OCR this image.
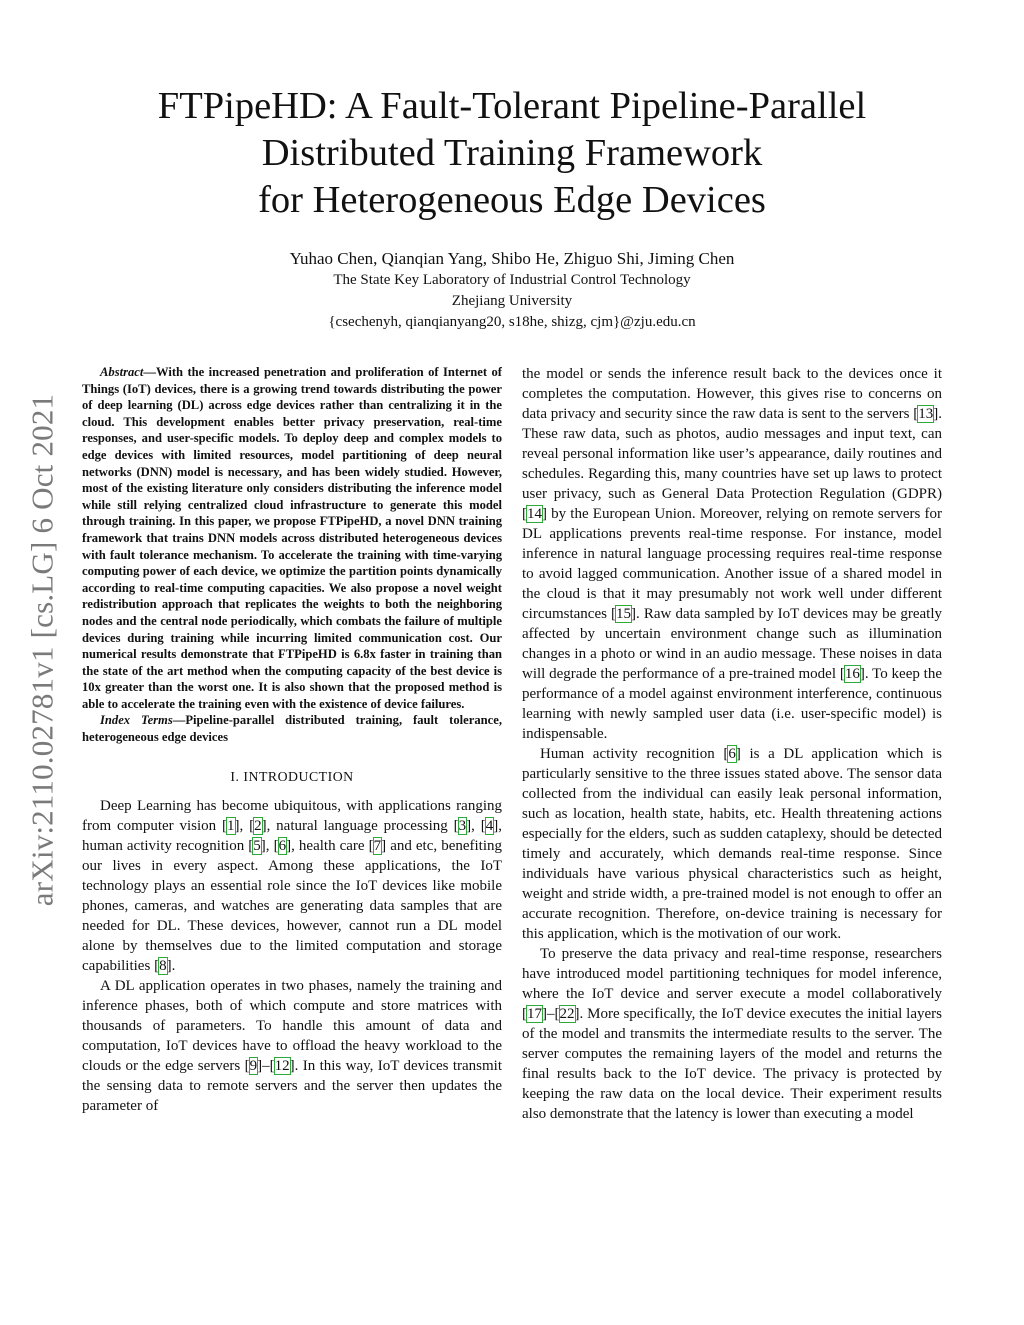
arXiv:2110.02781v1 [cs.LG] 6 Oct 2021
FTPipeHD: A Fault-Tolerant Pipeline-Parallel
Distributed Training Framework
for Heterogeneous Edge Devices
Yuhao Chen, Qianqian Yang, Shibo He, Zhiguo Shi, Jiming Chen
The State Key Laboratory of Industrial Control Technology
Zhejiang University
{csechenyh, qianqianyang20, s18he, shizg, cjm}@zju.edu.cn

Abstract—With the increased penetration and proliferation of Internet of Things (IoT) devices, there is a growing trend towards distributing the power of deep learning (DL) across edge devices rather than centralizing it in the cloud. This development enables better privacy preservation, real-time responses, and user-specific models. To deploy deep and complex models to edge devices with limited resources, model partitioning of deep neural networks (DNN) model is necessary, and has been widely studied. However, most of the existing literature only considers distributing the inference model while still relying centralized cloud infrastructure to generate this model through training. In this paper, we propose FTPipeHD, a novel DNN training framework that trains DNN models across distributed heterogeneous devices with fault tolerance mechanism. To accelerate the training with time-varying computing power of each device, we optimize the partition points dynamically according to real-time computing capacities. We also propose a novel weight redistribution approach that replicates the weights to both the neighboring nodes and the central node periodically, which combats the failure of multiple devices during training while incurring limited communication cost. Our numerical results demonstrate that FTPipeHD is 6.8x faster in training than the state of the art method when the computing capacity of the best device is 10x greater than the worst one. It is also shown that the proposed method is able to accelerate the training even with the existence of device failures.

Index Terms—Pipeline-parallel distributed training, fault tolerance, heterogeneous edge devices

I. INTRODUCTION

Deep Learning has become ubiquitous, with applications ranging from computer vision [1], [2], natural language processing [3], [4], human activity recognition [5], [6], health care [7] and etc, benefiting our lives in every aspect. Among these applications, the IoT technology plays an essential role since the IoT devices like mobile phones, cameras, and watches are generating data samples that are needed for DL. These devices, however, cannot run a DL model alone by themselves due to the limited computation and storage capabilities [8].

A DL application operates in two phases, namely the training and inference phases, both of which compute and store matrices with thousands of parameters. To handle this amount of data and computation, IoT devices have to offload the heavy workload to the clouds or the edge servers [9]–[12]. In this way, IoT devices transmit the sensing data to remote servers and the server then updates the parameter of

the model or sends the inference result back to the devices once it completes the computation. However, this gives rise to concerns on data privacy and security since the raw data is sent to the servers [13]. These raw data, such as photos, audio messages and input text, can reveal personal information like user’s appearance, daily routines and schedules. Regarding this, many countries have set up laws to protect user privacy, such as General Data Protection Regulation (GDPR) [14] by the European Union. Moreover, relying on remote servers for DL applications prevents real-time response. For instance, model inference in natural language processing requires real-time response to avoid lagged communication. Another issue of a shared model in the cloud is that it may presumably not work well under different circumstances [15]. Raw data sampled by IoT devices may be greatly affected by uncertain environment change such as illumination changes in a photo or wind in an audio message. These noises in data will degrade the performance of a pre-trained model [16]. To keep the performance of a model against environment interference, continuous learning with newly sampled user data (i.e. user-specific model) is indispensable.

Human activity recognition [6] is a DL application which is particularly sensitive to the three issues stated above. The sensor data collected from the individual can easily leak personal information, such as location, health state, habits, etc. Health threatening actions especially for the elders, such as sudden cataplexy, should be detected timely and accurately, which demands real-time response. Since individuals have various physical characteristics such as height, weight and stride width, a pre-trained model is not enough to offer an accurate recognition. Therefore, on-device training is necessary for this application, which is the motivation of our work.

To preserve the data privacy and real-time response, researchers have introduced model partitioning techniques for model inference, where the IoT device and server execute a model collaboratively [17]–[22]. More specifically, the IoT device executes the initial layers of the model and transmits the intermediate results to the server. The server computes the remaining layers of the model and returns the final results back to the IoT device. The privacy is protected by keeping the raw data on the local device. Their experiment results also demonstrate that the latency is lower than executing a model
